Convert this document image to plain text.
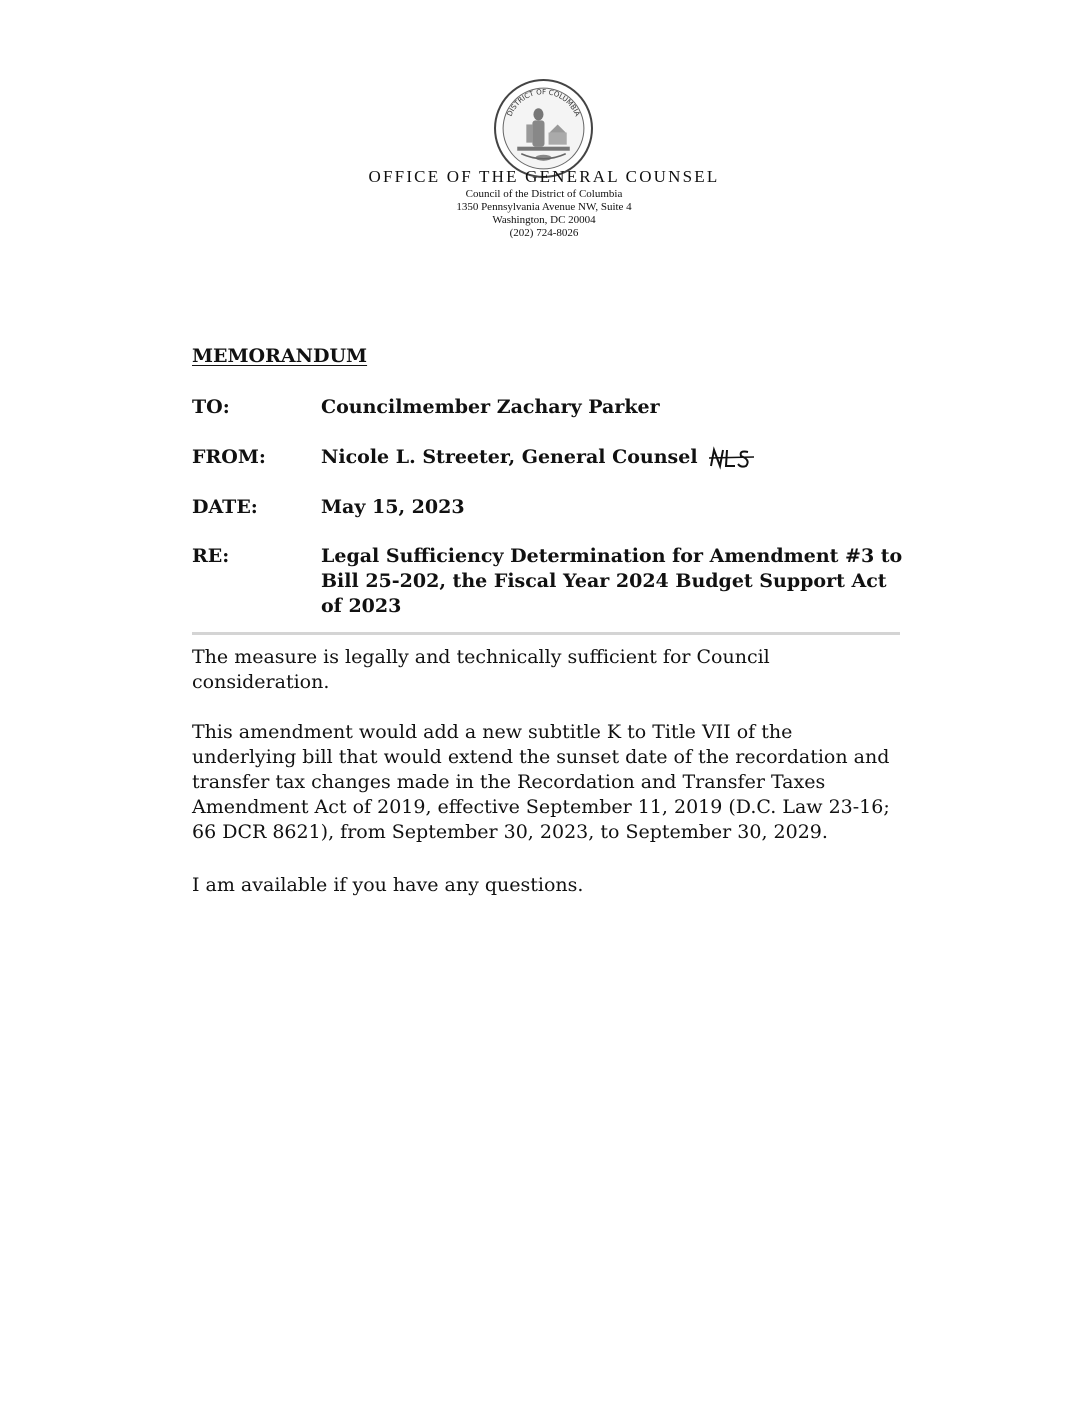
DISTRICT OF COLUMBIA
OFFICE OF THE GENERAL COUNSEL
Council of the District of Columbia
1350 Pennsylvania Avenue NW, Suite 4
Washington, DC 20004
(202) 724-8026
MEMORANDUM
TO:	Councilmember Zachary Parker
FROM:	Nicole L. Streeter, General Counsel
DATE:	May 15, 2023
RE:	Legal Sufficiency Determination for Amendment #3 to Bill 25-202, the Fiscal Year 2024 Budget Support Act of 2023
The measure is legally and technically sufficient for Council consideration.
This amendment would add a new subtitle K to Title VII of the underlying bill that would extend the sunset date of the recordation and transfer tax changes made in the Recordation and Transfer Taxes Amendment Act of 2019, effective September 11, 2019 (D.C. Law 23-16; 66 DCR 8621), from September 30, 2023, to September 30, 2029.
I am available if you have any questions.
